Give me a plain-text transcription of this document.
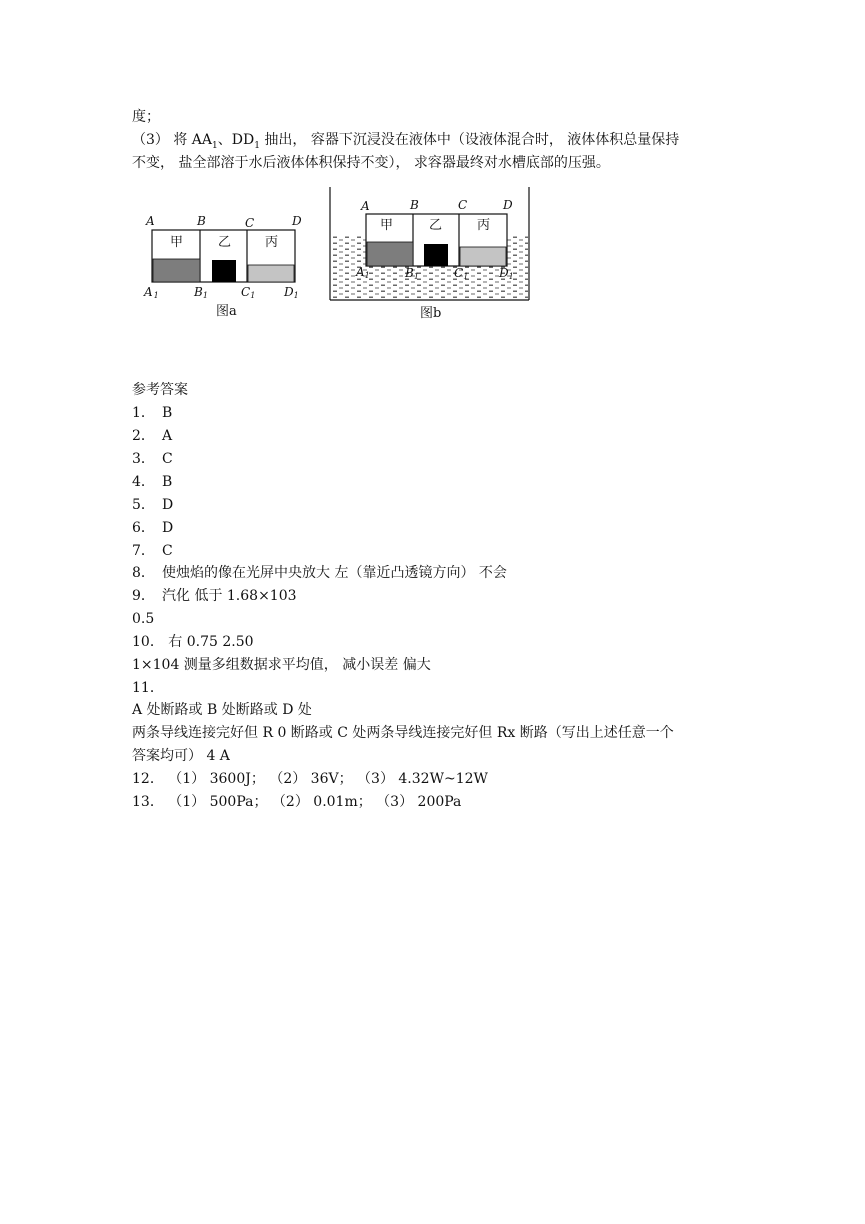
度；
（3） 将 $AA_1$、$DD_1$ 抽出， 容器下沉浸没在液体中（设液体混合时， 液体体积总量保持
不变， 盐全部溶于水后液体体积保持不变）， 求容器最终对水槽底部的压强。
A	B	C	D
甲	乙	丙
A1	B1	C1 D1
图a
A	B	C	D
甲	乙	丙
A1	B1	C1	D1
图b
参考答案
1． B
2． A
3． C
4． B
5． D
6． D
7． C
8． 使烛焰的像在光屏中央放大 左（靠近凸透镜方向） 不会
9． 汽化 低于 1.68×103
0.5
10． 右 0.75 2.50
1×104 测量多组数据求平均值， 减小误差 偏大
11．
A 处断路或 B 处断路或 D 处
两条导线连接完好但 R 0 断路或 C 处两条导线连接完好但 Rx 断路（写出上述任意一个
答案均可） 4 A
12． （1） 3600J； （2） 36V； （3） 4.32W~12W
13． （1） 500Pa； （2） 0.01m； （3） 200Pa
